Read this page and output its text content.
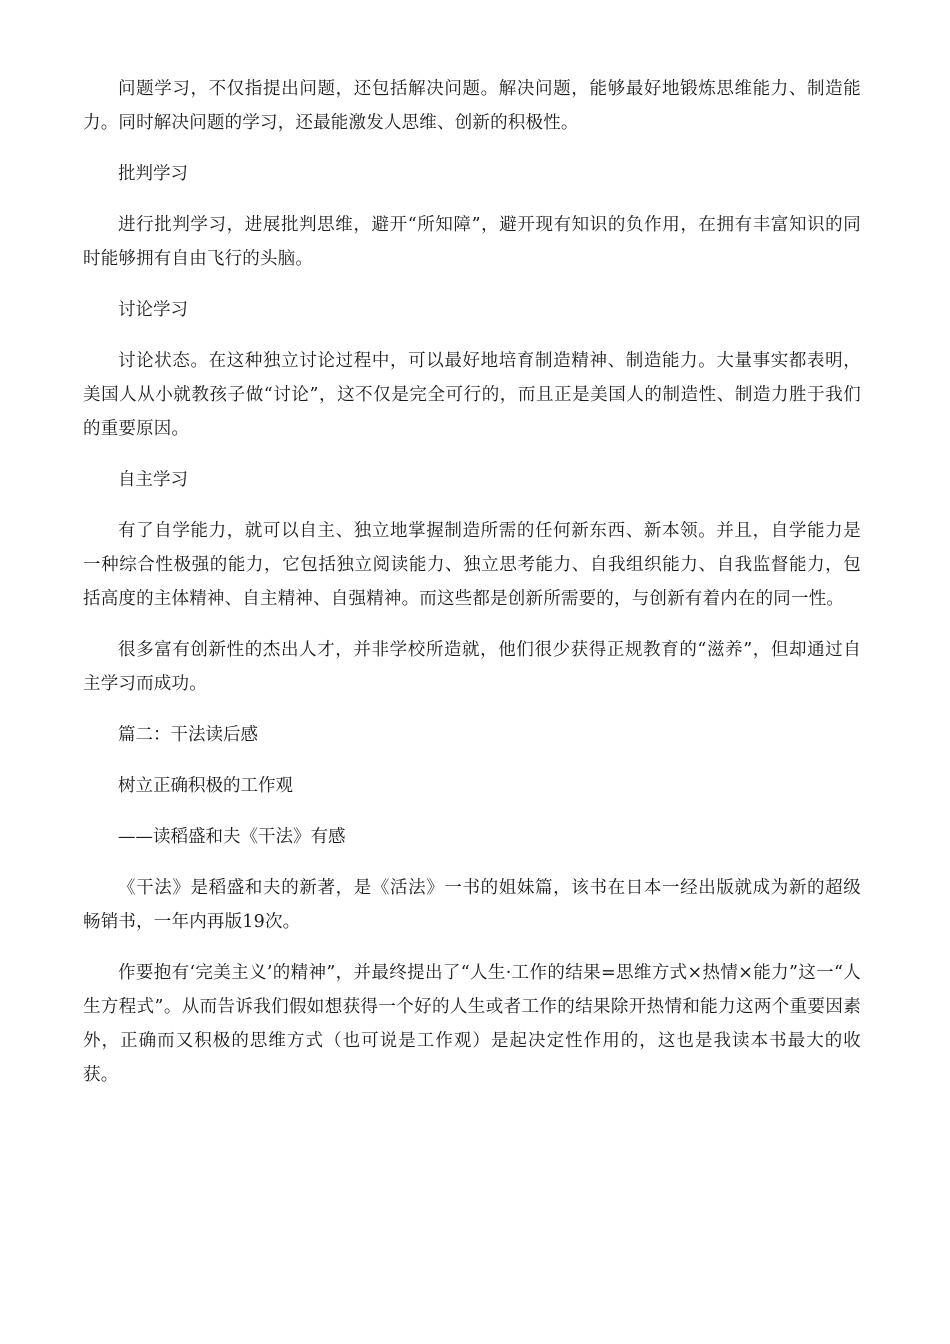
问题学习，不仅指提出问题，还包括解决问题。解决问题，能够最好地锻炼思维能力、制造能力。同时解决问题的学习，还最能激发人思维、创新的积极性。

批判学习

进行批判学习，进展批判思维，避开“所知障”，避开现有知识的负作用，在拥有丰富知识的同时能够拥有自由飞行的头脑。

讨论学习

讨论状态。在这种独立讨论过程中，可以最好地培育制造精神、制造能力。大量事实都表明，美国人从小就教孩子做“讨论”，这不仅是完全可行的，而且正是美国人的制造性、制造力胜于我们的重要原因。

自主学习

有了自学能力，就可以自主、独立地掌握制造所需的任何新东西、新本领。并且，自学能力是一种综合性极强的能力，它包括独立阅读能力、独立思考能力、自我组织能力、自我监督能力，包括高度的主体精神、自主精神、自强精神。而这些都是创新所需要的，与创新有着内在的同一性。

很多富有创新性的杰出人才，并非学校所造就，他们很少获得正规教育的“滋养”，但却通过自主学习而成功。

篇二：干法读后感

树立正确积极的工作观

——读稻盛和夫《干法》有感

《干法》是稻盛和夫的新著，是《活法》一书的姐妹篇，该书在日本一经出版就成为新的超级畅销书，一年内再版19次。

作要抱有‘完美主义’的精神”，并最终提出了“人生·工作的结果=思维方式×热情×能力”这一“人生方程式”。从而告诉我们假如想获得一个好的人生或者工作的结果除开热情和能力这两个重要因素外，正确而又积极的思维方式（也可说是工作观）是起决定性作用的，这也是我读本书最大的收获。
